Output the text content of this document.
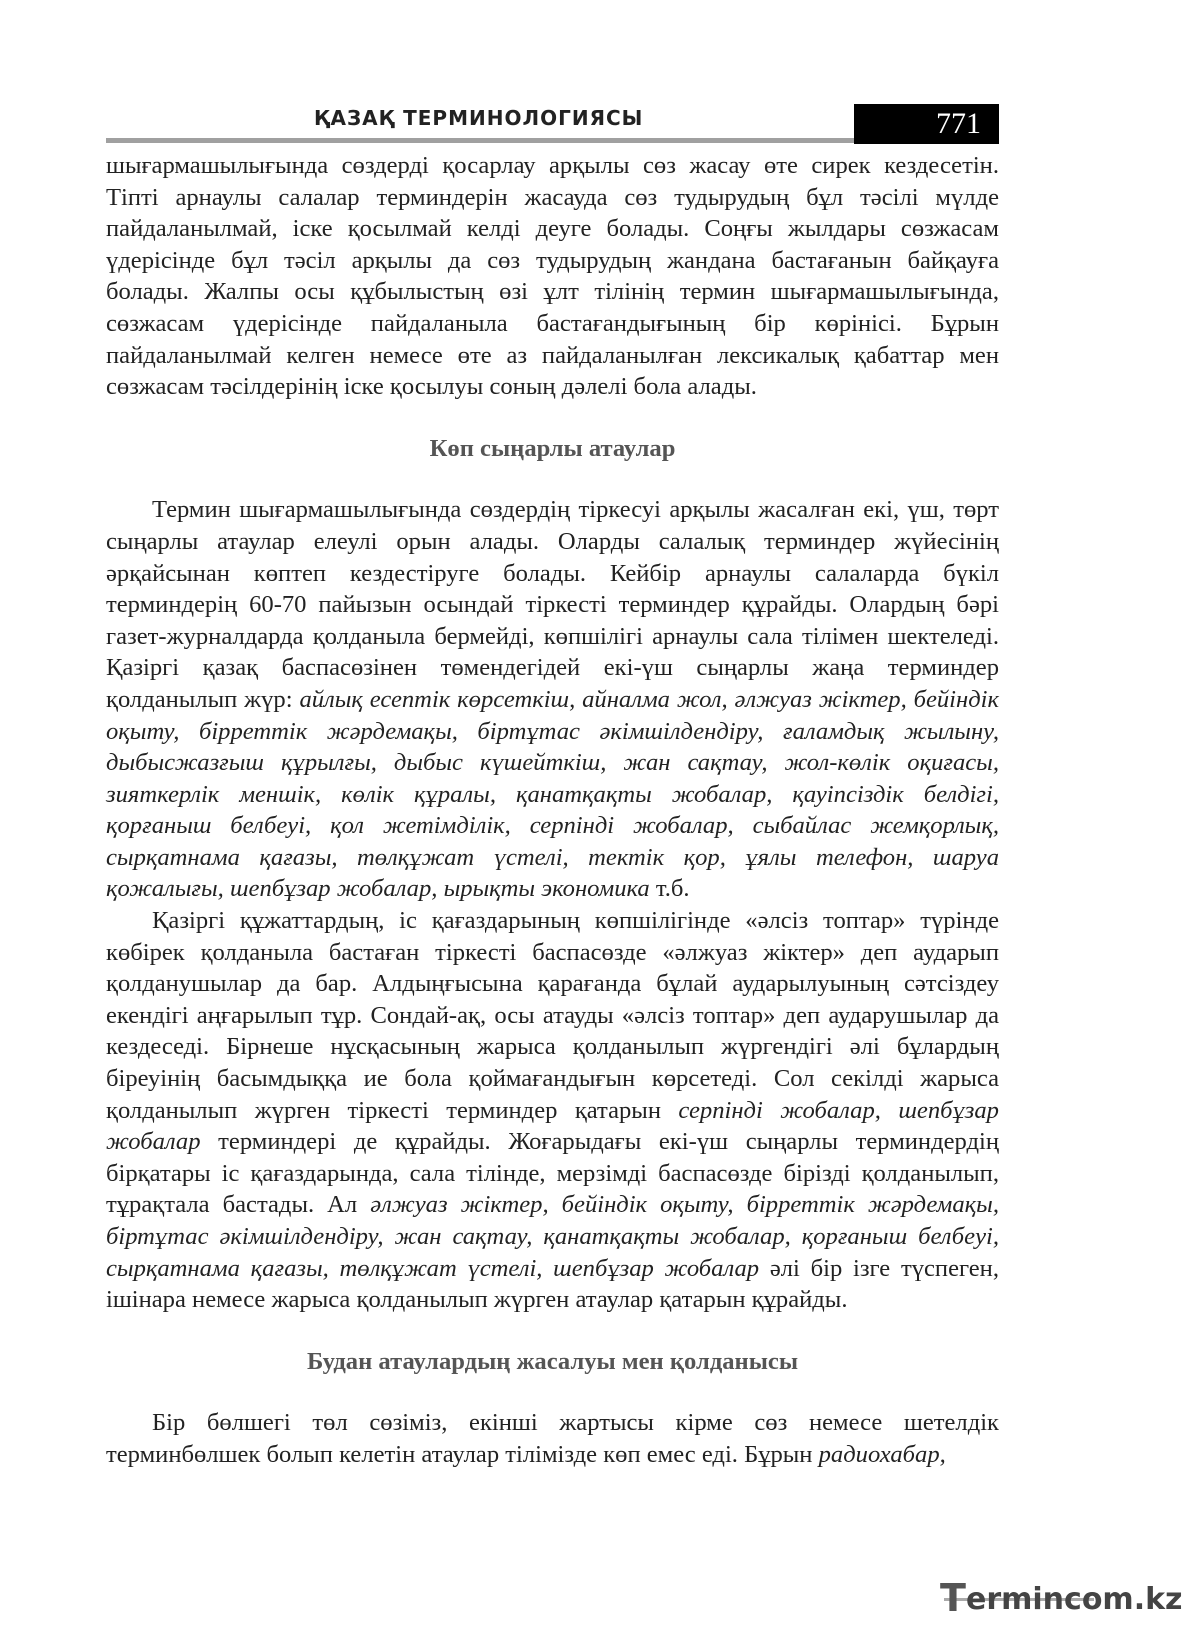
ҚАЗАҚ ТЕРМИНОЛОГИЯСЫ	771

шығармашылығында сөздерді қосарлау арқылы сөз жасау өте сирек кездесетін. Тіпті арнаулы салалар терминдерін жасауда сөз тудырудың бұл тәсілі мүлде пайдаланылмай, іске қосылмай келді деуге болады. Соңғы жылдары сөзжасам үдерісінде бұл тәсіл арқылы да сөз тудырудың жандана бастағанын байқауға болады. Жалпы осы құбылыстың өзі ұлт тілінің термин шығармашылығында, сөзжасам үдерісінде пайдаланыла бастағандығының бір көрінісі. Бұрын пайдаланылмай келген немесе өте аз пайдаланылған лексикалық қабаттар мен сөзжасам тәсілдерінің іске қосылуы соның дәлелі бола алады.

Көп сыңарлы атаулар

Термин шығармашылығында сөздердің тіркесуі арқылы жасалған екі, үш, төрт сыңарлы атаулар елеулі орын алады. Оларды салалық терминдер жүйесінің әрқайсынан көптеп кездестіруге болады. Кейбір арнаулы салаларда бүкіл терминдерің 60-70 пайызын осындай тіркесті терминдер құрайды. Олардың бәрі газет-журналдарда қолданыла бермейді, көпшілігі арнаулы сала тілімен шектеледі. Қазіргі қазақ баспасөзінен төмендегідей екі-үш сыңарлы жаңа терминдер қолданылып жүр: айлық есептік көрсеткіш, айналма жол, әлжуаз жіктер, бейіндік оқыту, бірреттік жәрдемақы, біртұтас әкімшілдендіру, ғаламдық жылыну, дыбысжазғыш құрылғы, дыбыс күшейткіш, жан сақтау, жол-көлік оқиғасы, зияткерлік меншік, көлік құралы, қанатқақты жобалар, қауіпсіздік белдігі, қорғаныш белбеуі, қол жетімділік, серпінді жобалар, сыбайлас жемқорлық, сырқатнама қағазы, төлқұжат үстелі, тектік қор, ұялы телефон, шаруа қожалығы, шепбұзар жобалар, ырықты экономика т.б.

Қазіргі құжаттардың, іс қағаздарының көпшілігінде «әлсіз топтар» түрінде көбірек қолданыла бастаған тіркесті баспасөзде «әлжуаз жіктер» деп аударып қолданушылар да бар. Алдыңғысына қарағанда бұлай аударылуының сәтсіздеу екендігі аңғарылып тұр. Сондай-ақ, осы атауды «әлсіз топтар» деп аударушылар да кездеседі. Бірнеше нұсқасының жарыса қолданылып жүргендігі әлі бұлардың біреуінің басымдыққа ие бола қоймағандығын көрсетеді. Сол секілді жарыса қолданылып жүрген тіркесті терминдер қатарын серпінді жобалар, шепбұзар жобалар терминдері де құрайды. Жоғарыдағы екі-үш сыңарлы терминдердің бірқатары іс қағаздарында, сала тілінде, мерзімді баспасөзде бірізді қолданылып, тұрақтала бастады. Ал әлжуаз жіктер, бейіндік оқыту, бірреттік жәрдемақы, біртұтас әкімшілдендіру, жан сақтау, қанатқақты жобалар, қорғаныш белбеуі, сырқатнама қағазы, төлқұжат үстелі, шепбұзар жобалар әлі бір ізге түспеген, ішінара немесе жарыса қолданылып жүрген атаулар қатарын құрайды.

Будан атаулардың жасалуы мен қолданысы

Бір бөлшегі төл сөзіміз, екінші жартысы кірме сөз немесе шетелдік терминбөлшек болып келетін атаулар тілімізде көп емес еді. Бұрын радиохабар,

T ermincom.kz
